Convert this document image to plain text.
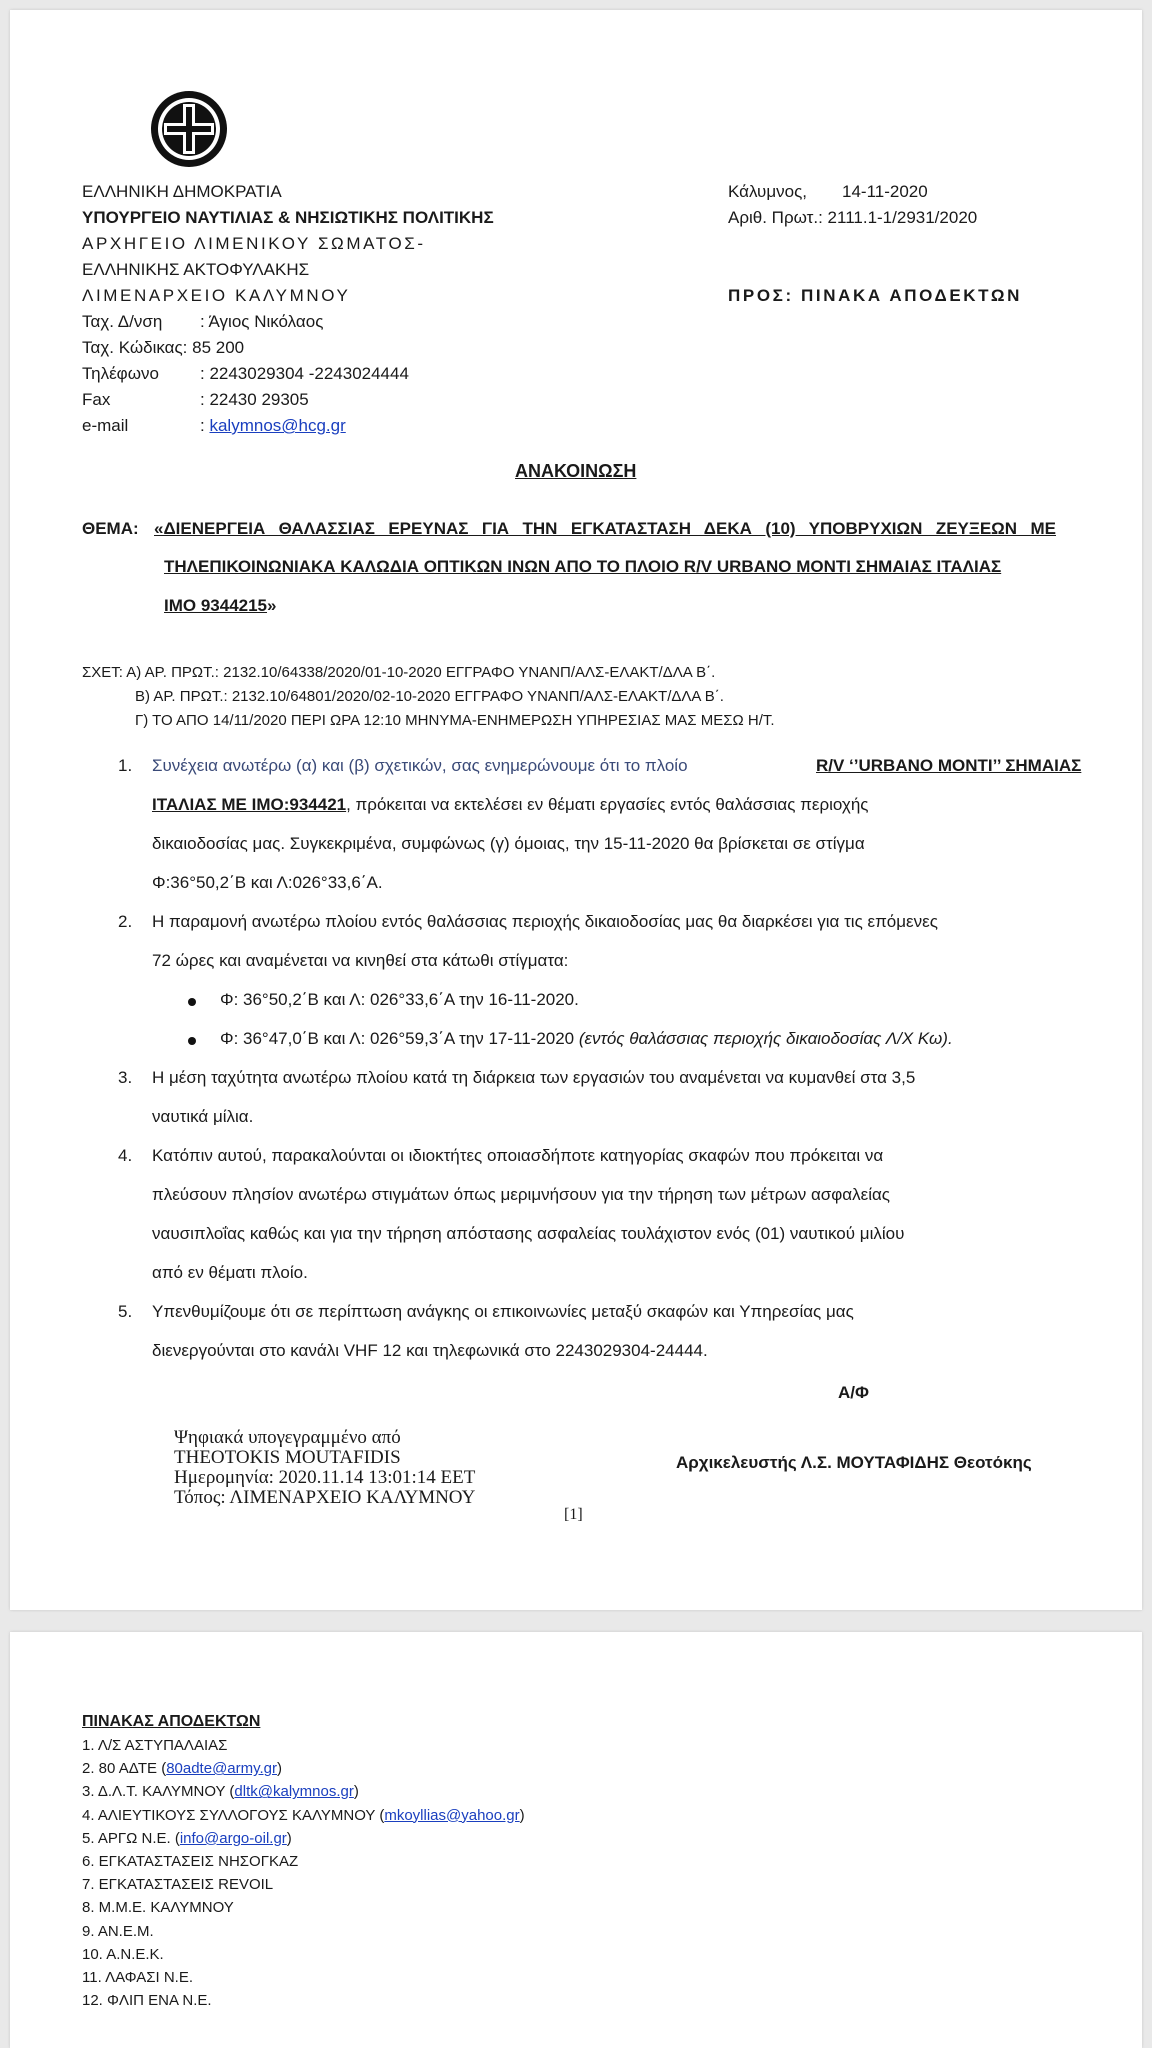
ΕΛΛΗΝΙΚΗ ΔΗΜΟΚΡΑΤΙΑ
ΥΠΟΥΡΓΕΙΟ ΝΑΥΤΙΛΙΑΣ & ΝΗΣΙΩΤΙΚΗΣ ΠΟΛΙΤΙΚΗΣ
ΑΡΧΗΓΕΙΟ ΛΙΜΕΝΙΚΟΥ ΣΩΜΑΤΟΣ-
ΕΛΛΗΝΙΚΗΣ ΑΚΤΟΦΥΛΑΚΗΣ
ΛΙΜΕΝΑΡΧΕΙΟ ΚΑΛΥΜΝΟΥ
Ταχ. Δ/νση : Άγιος Νικόλαος
Ταχ. Κώδικας: 85 200
Τηλέφωνο : 2243029304 -2243024444
Fax	: 22430 29305
e-mail	: kalymnos@hcg.gr
Κάλυμνος, 14-11-2020
Αριθ. Πρωτ.: 2111.1-1/2931/2020
ΠΡΟΣ: ΠΙΝΑΚΑ ΑΠΟΔΕΚΤΩΝ
ΑΝΑΚΟΙΝΩΣΗ
ΘΕΜΑ: «ΔΙΕΝΕΡΓΕΙΑ ΘΑΛΑΣΣΙΑΣ ΕΡΕΥΝΑΣ ΓΙΑ ΤΗΝ ΕΓΚΑΤΑΣΤΑΣΗ ΔΕΚΑ (10) ΥΠΟΒΡΥΧΙΩΝ ΖΕΥΞΕΩΝ ΜΕ
ΤΗΛΕΠΙΚΟΙΝΩΝΙΑΚΑ ΚΑΛΩΔΙΑ ΟΠΤΙΚΩΝ ΙΝΩΝ ΑΠΟ ΤΟ ΠΛΟΙΟ R/V URBANO ΜΟΝΤΙ ΣΗΜΑΙΑΣ ΙΤΑΛΙΑΣ
IMO 9344215»
ΣΧΕΤ: Α) ΑΡ. ΠΡΩΤ.: 2132.10/64338/2020/01-10-2020 ΕΓΓΡΑΦΟ ΥΝΑΝΠ/ΑΛΣ-ΕΛΑΚΤ/ΔΛΑ Β΄.
Β) ΑΡ. ΠΡΩΤ.: 2132.10/64801/2020/02-10-2020 ΕΓΓΡΑΦΟ ΥΝΑΝΠ/ΑΛΣ-ΕΛΑΚΤ/ΔΛΑ Β΄.
Γ) ΤΟ ΑΠΟ 14/11/2020 ΠΕΡΙ ΩΡΑ 12:10 ΜΗΝΥΜΑ-ΕΝΗΜΕΡΩΣΗ ΥΠΗΡΕΣΙΑΣ ΜΑΣ ΜΕΣΩ Η/Τ.
1. Συνέχεια ανωτέρω (α) και (β) σχετικών, σας ενημερώνουμε ότι το πλοίο	R/V ‘’URBANO MONTI’’ ΣΗΜΑΙΑΣ
ΙΤΑΛΙΑΣ ΜΕ ΙΜΟ:934421, πρόκειται να εκτελέσει εν θέματι εργασίες εντός θαλάσσιας περιοχής
δικαιοδοσίας μας. Συγκεκριμένα, συμφώνως (γ) όμοιας, την 15-11-2020 θα βρίσκεται σε στίγμα
Φ:36°50,2΄Β και Λ:026°33,6΄Α.
2. Η παραμονή ανωτέρω πλοίου εντός θαλάσσιας περιοχής δικαιοδοσίας μας θα διαρκέσει για τις επόμενες
72 ώρες και αναμένεται να κινηθεί στα κάτωθι στίγματα:
Φ: 36°50,2΄Β και Λ: 026°33,6΄Α την 16-11-2020.
Φ: 36°47,0΄Β και Λ: 026°59,3΄Α την 17-11-2020 (εντός θαλάσσιας περιοχής δικαιοδοσίας Λ/Χ Κω).
3. Η μέση ταχύτητα ανωτέρω πλοίου κατά τη διάρκεια των εργασιών του αναμένεται να κυμανθεί στα 3,5
ναυτικά μίλια.
4. Κατόπιν αυτού, παρακαλούνται οι ιδιοκτήτες οποιασδήποτε κατηγορίας σκαφών που πρόκειται να
πλεύσουν πλησίον ανωτέρω στιγμάτων όπως μεριμνήσουν για την τήρηση των μέτρων ασφαλείας
ναυσιπλοΐας καθώς και για την τήρηση απόστασης ασφαλείας τουλάχιστον ενός (01) ναυτικού μιλίου
από εν θέματι πλοίο.
5. Υπενθυμίζουμε ότι σε περίπτωση ανάγκης οι επικοινωνίες μεταξύ σκαφών και Υπηρεσίας μας
διενεργούνται στο κανάλι VHF 12 και τηλεφωνικά στο 2243029304-24444.
Α/Φ
Ψηφιακά υπογεγραμμένο από
THEOTOKIS MOUTAFIDIS
Ημερομηνία: 2020.11.14 13:01:14 EET
Τόπος: ΛΙΜΕΝΑΡΧΕΙΟ ΚΑΛΥΜΝΟΥ
Αρχικελευστής Λ.Σ. ΜΟΥΤΑΦΙΔΗΣ Θεοτόκης
[1]
ΠΙΝΑΚΑΣ ΑΠΟΔΕΚΤΩΝ
1. Λ/Σ ΑΣΤΥΠΑΛΑΙΑΣ
2. 80 ΑΔΤΕ (80adte@army.gr)
3. Δ.Λ.Τ. ΚΑΛΥΜΝΟΥ (dltk@kalymnos.gr)
4. ΑΛΙΕΥΤΙΚΟΥΣ ΣΥΛΛΟΓΟΥΣ ΚΑΛΥΜΝΟΥ (mkoyllias@yahoo.gr)
5. ΑΡΓΩ Ν.Ε. (info@argo-oil.gr)
6. ΕΓΚΑΤΑΣΤΑΣΕΙΣ ΝΗΣΟΓΚΑΖ
7. ΕΓΚΑΤΑΣΤΑΣΕΙΣ REVOIL
8. Μ.Μ.Ε. ΚΑΛΥΜΝΟΥ
9. ΑΝ.Ε.Μ.
10. Α.Ν.Ε.Κ.
11. ΛΑΦΑΣΙ Ν.Ε.
12. ΦΛΙΠ ΕΝΑ Ν.Ε.
